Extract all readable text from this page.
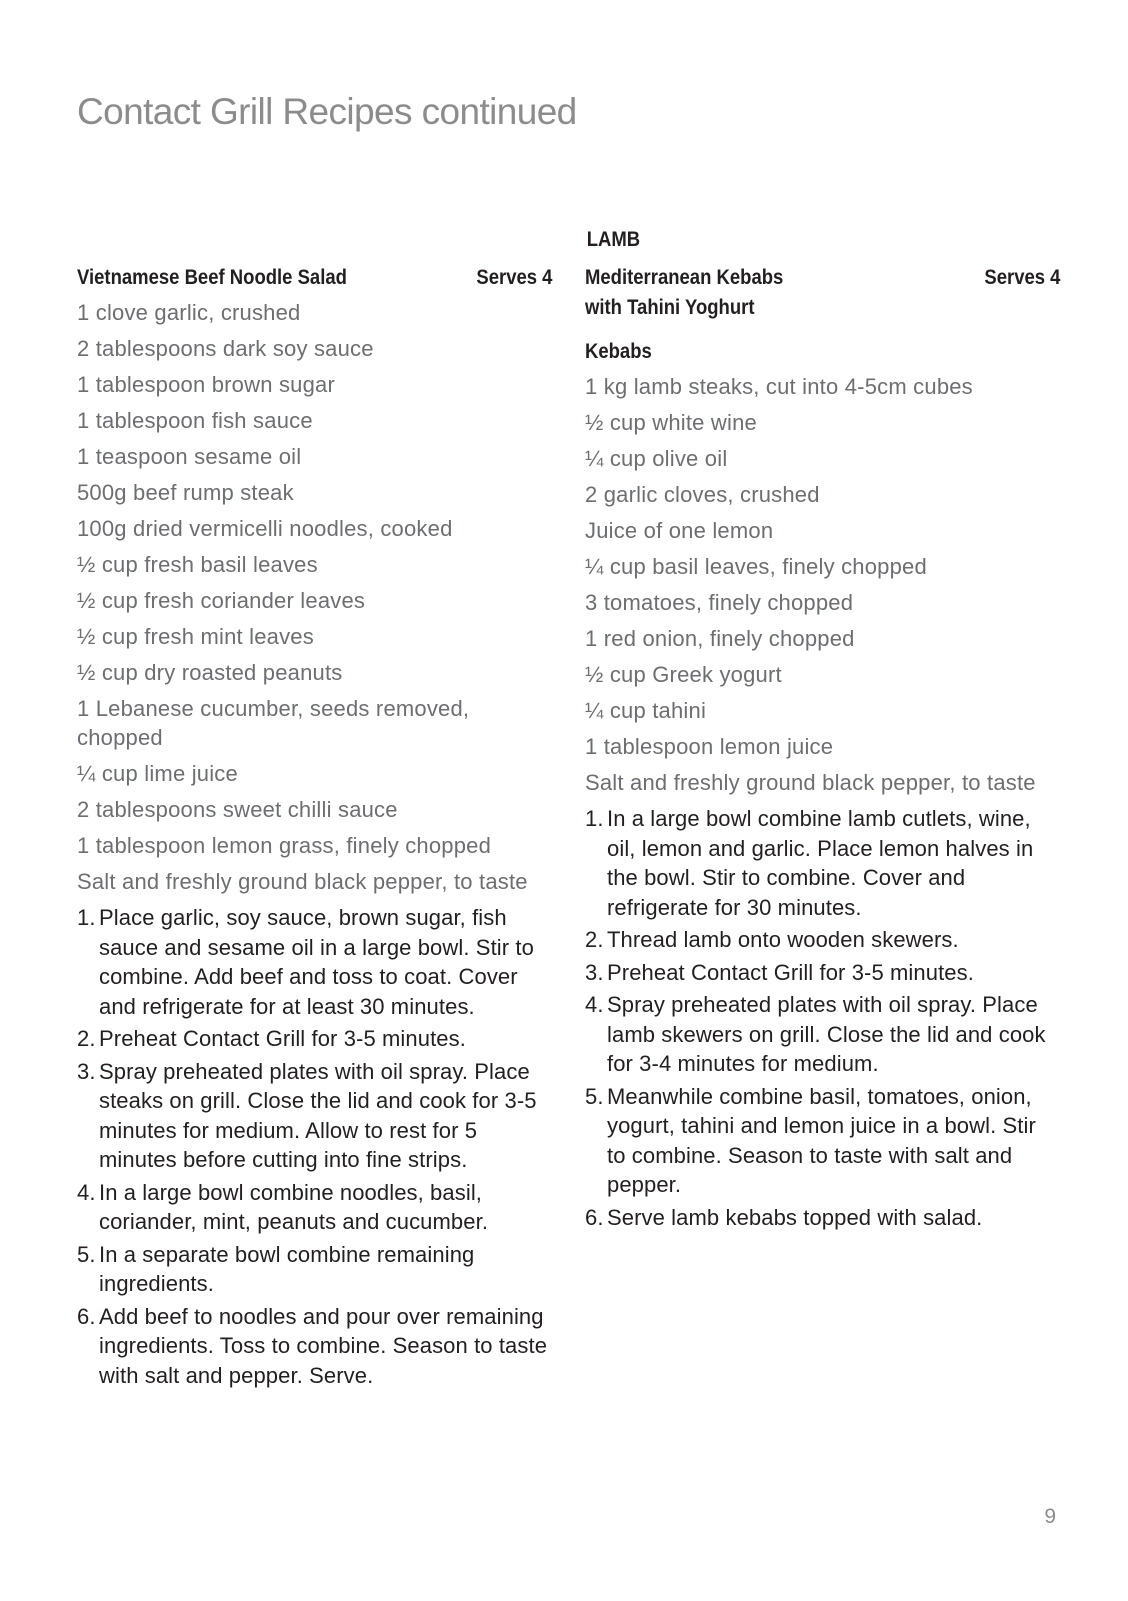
Contact Grill Recipes continued
Vietnamese Beef Noodle Salad	Serves 4
1 clove garlic, crushed
2 tablespoons dark soy sauce
1 tablespoon brown sugar
1 tablespoon fish sauce
1 teaspoon sesame oil
500g beef rump steak
100g dried vermicelli noodles, cooked
½ cup fresh basil leaves
½ cup fresh coriander leaves
½ cup fresh mint leaves
½ cup dry roasted peanuts
1 Lebanese cucumber, seeds removed, chopped
¼ cup lime juice
2 tablespoons sweet chilli sauce
1 tablespoon lemon grass, finely chopped
Salt and freshly ground black pepper, to taste
1. Place garlic, soy sauce, brown sugar, fish sauce and sesame oil in a large bowl. Stir to combine. Add beef and toss to coat. Cover and refrigerate for at least 30 minutes.
2. Preheat Contact Grill for 3-5 minutes.
3. Spray preheated plates with oil spray. Place steaks on grill. Close the lid and cook for 3-5 minutes for medium. Allow to rest for 5 minutes before cutting into fine strips.
4. In a large bowl combine noodles, basil, coriander, mint, peanuts and cucumber.
5. In a separate bowl combine remaining ingredients.
6. Add beef to noodles and pour over remaining ingredients. Toss to combine. Season to taste with salt and pepper. Serve.
LAMB
Mediterranean Kebabs
with Tahini Yoghurt
Serves 4
Kebabs
1 kg lamb steaks, cut into 4-5cm cubes
½ cup white wine
¼ cup olive oil
2 garlic cloves, crushed
Juice of one lemon
¼ cup basil leaves, finely chopped
3 tomatoes, finely chopped
1 red onion, finely chopped
½ cup Greek yogurt
¼ cup tahini
1 tablespoon lemon juice
Salt and freshly ground black pepper, to taste
1. In a large bowl combine lamb cutlets, wine, oil, lemon and garlic. Place lemon halves in the bowl. Stir to combine. Cover and refrigerate for 30 minutes.
2. Thread lamb onto wooden skewers.
3. Preheat Contact Grill for 3-5 minutes.
4. Spray preheated plates with oil spray. Place lamb skewers on grill. Close the lid and cook for 3-4 minutes for medium.
5. Meanwhile combine basil, tomatoes, onion, yogurt, tahini and lemon juice in a bowl. Stir to combine. Season to taste with salt and pepper.
6. Serve lamb kebabs topped with salad.
9
